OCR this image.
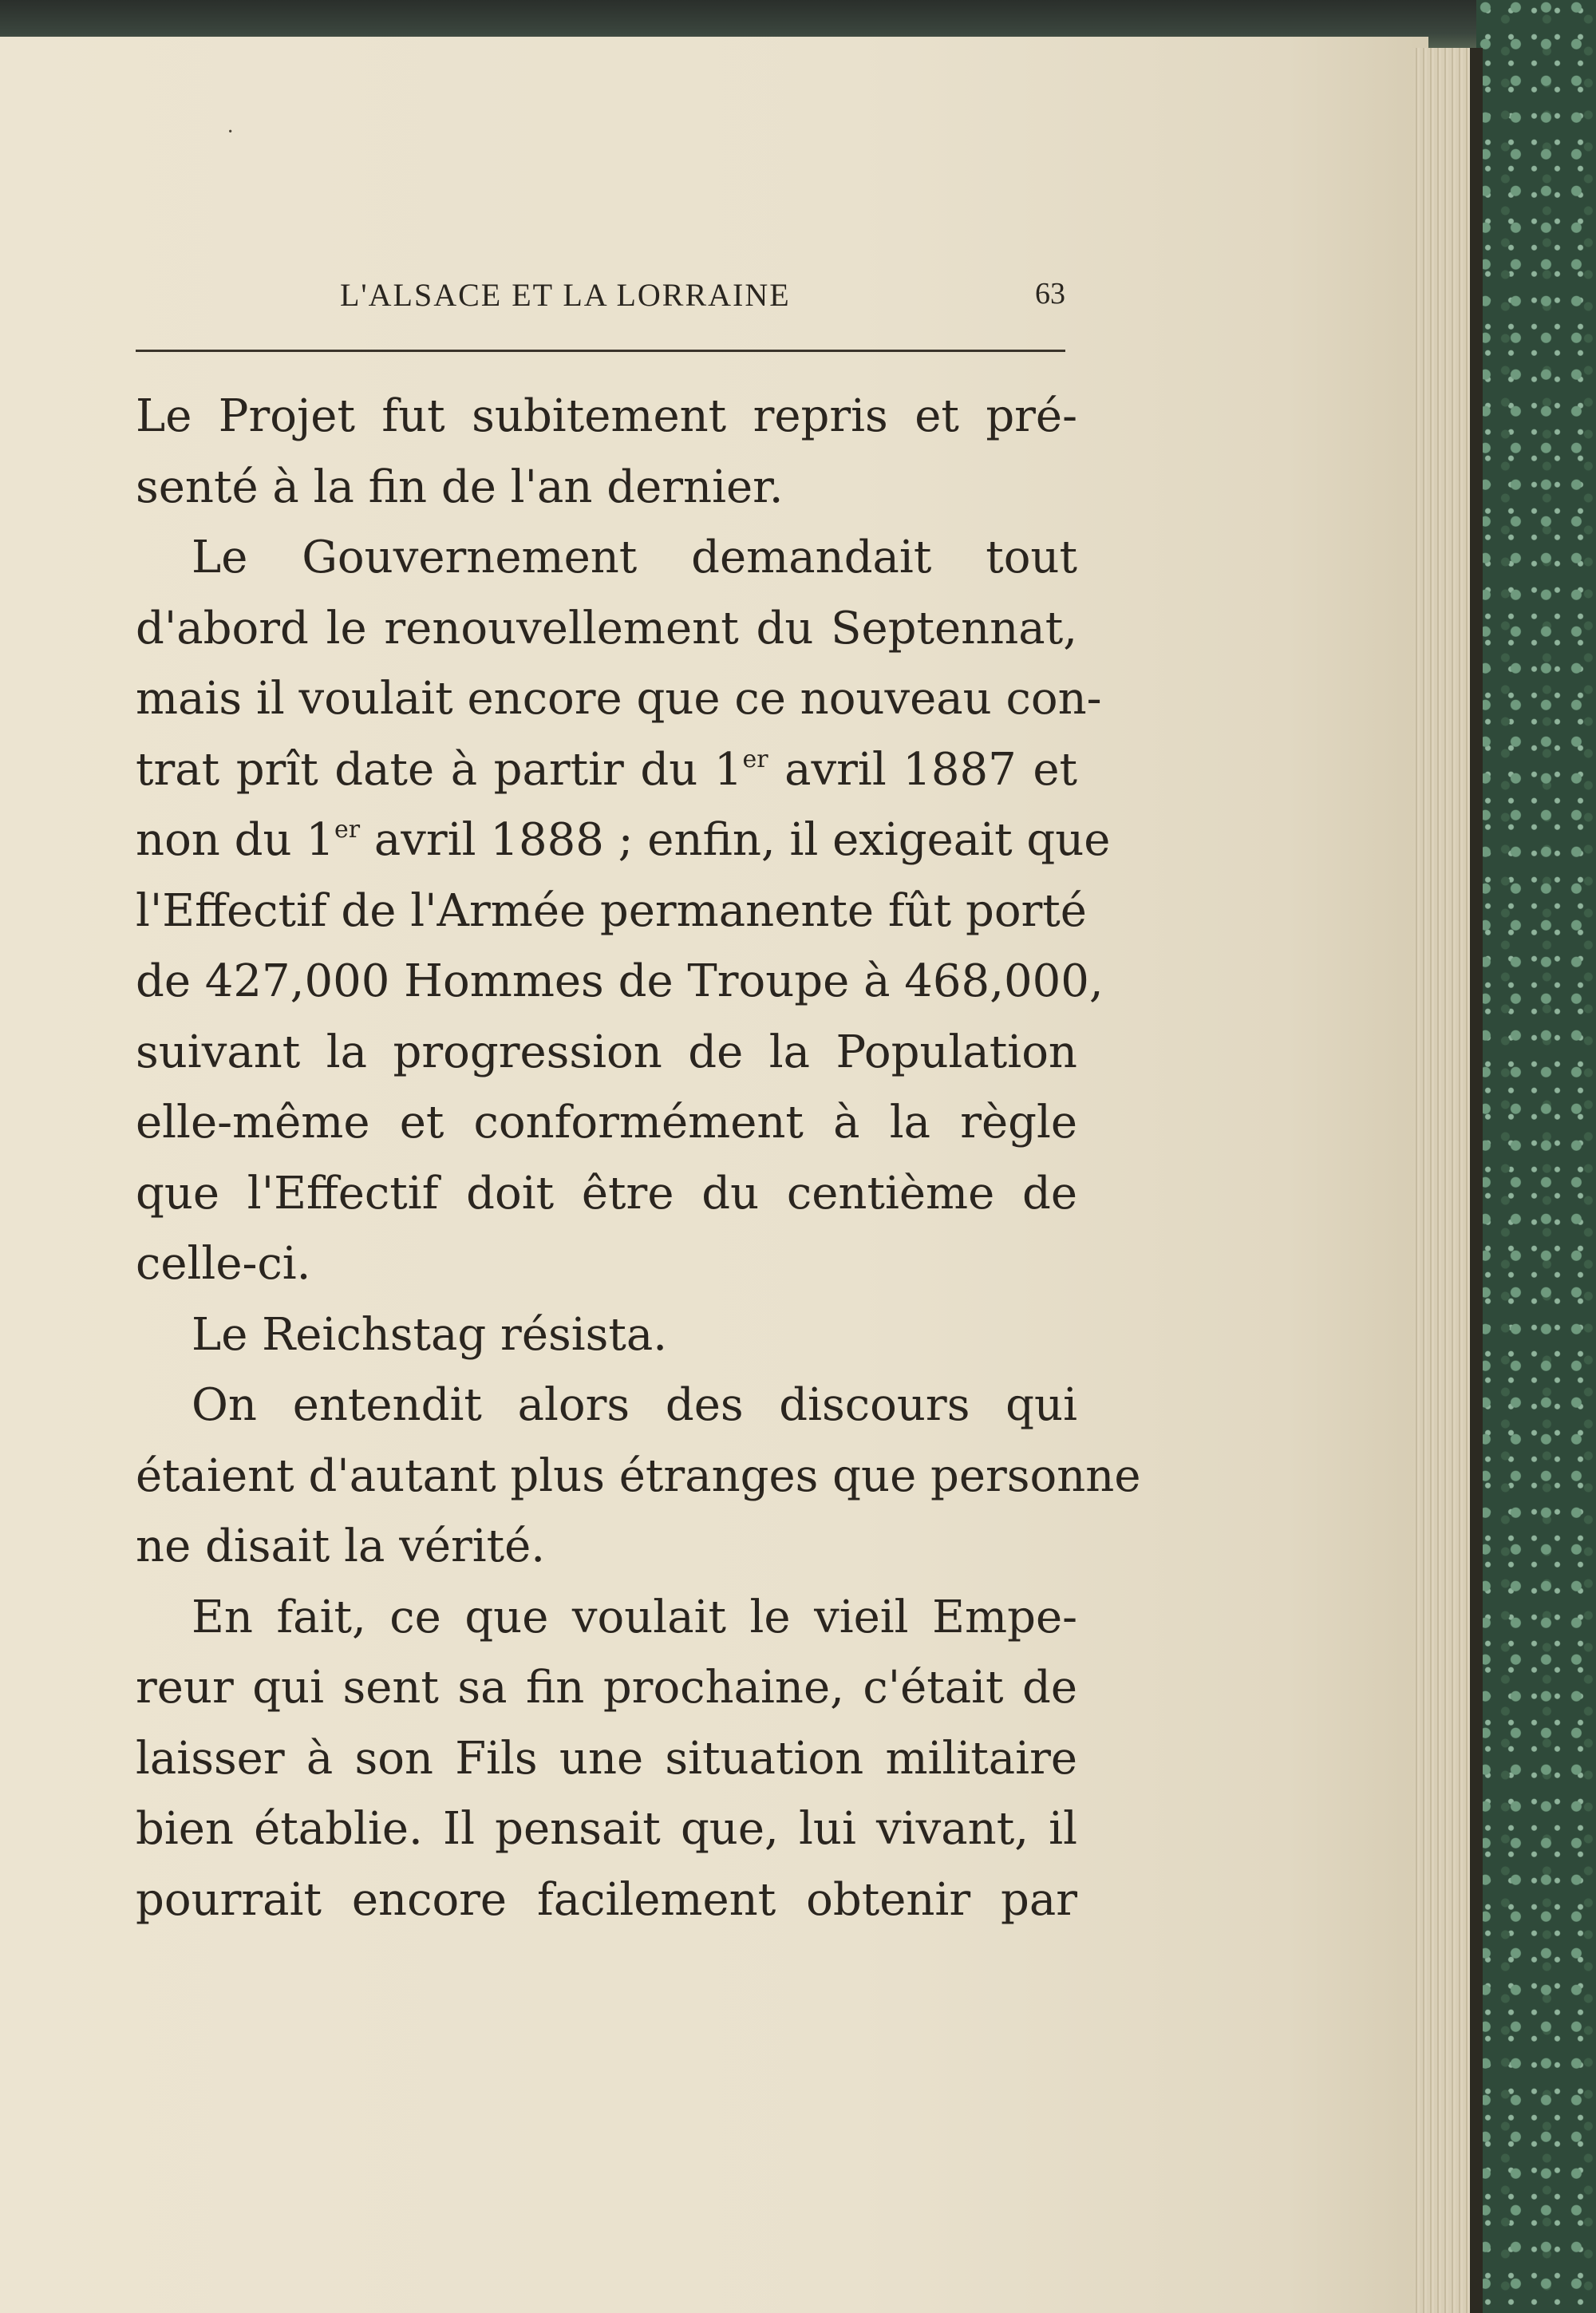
·
L'ALSACE ET LA LORRAINE	63
Le Projet fut subitement repris et pré-
senté à la fin de l'an dernier.
Le Gouvernement demandait tout
d'abord le renouvellement du Septennat,
mais il voulait encore que ce nouveau con-
trat prît date à partir du 1er avril 1887 et
non du 1er avril 1888 ; enfin, il exigeait que
l'Effectif de l'Armée permanente fût porté
de 427,000 Hommes de Troupe à 468,000,
suivant la progression de la Population
elle-même et conformément à la règle
que l'Effectif doit être du centième de
celle-ci.
Le Reichstag résista.
On entendit alors des discours qui
étaient d'autant plus étranges que personne
ne disait la vérité.
En fait, ce que voulait le vieil Empe-
reur qui sent sa fin prochaine, c'était de
laisser à son Fils une situation militaire
bien établie. Il pensait que, lui vivant, il
pourrait encore facilement obtenir par
